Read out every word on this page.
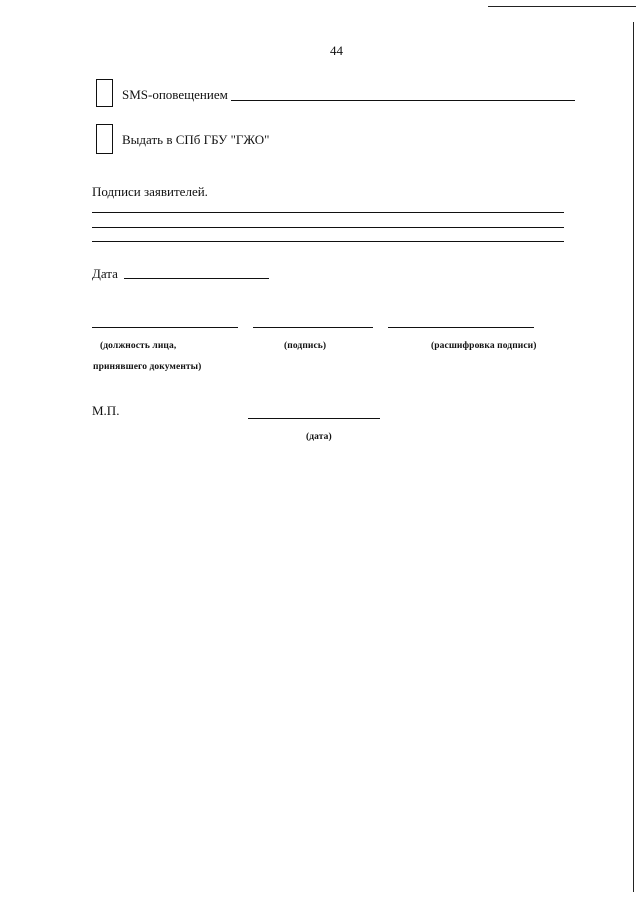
44
SMS-оповещением
Выдать в СПб ГБУ "ГЖО"
Подписи заявителей.
Дата
(должность лица,
принявшего документы)
(подпись)	(расшифровка подписи)
М.П.
(дата)
